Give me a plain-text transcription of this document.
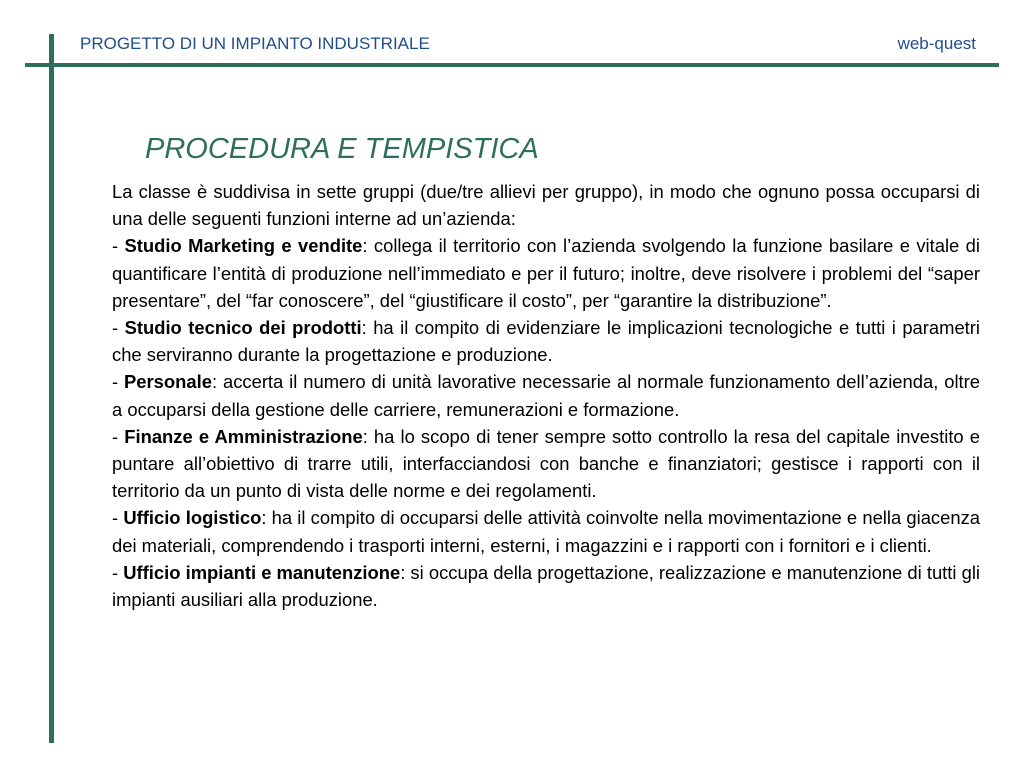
PROGETTO DI UN IMPIANTO INDUSTRIALE	web-quest
PROCEDURA E TEMPISTICA

La classe è suddivisa in sette gruppi (due/tre allievi per gruppo), in modo che ognuno possa occuparsi di una delle seguenti funzioni interne ad un’azienda:

- Studio Marketing e vendite: collega il territorio con l’azienda svolgendo la funzione basilare e vitale di quantificare l’entità di produzione nell’immediato e per il futuro; inoltre, deve risolvere i problemi del “saper presentare”, del “far conoscere”, del “giustificare il costo”, per “garantire la distribuzione”.

- Studio tecnico dei prodotti: ha il compito di evidenziare le implicazioni tecnologiche e tutti i parametri che serviranno durante la progettazione e produzione.

- Personale: accerta il numero di unità lavorative necessarie al normale funzionamento dell’azienda, oltre a occuparsi della gestione delle carriere, remunerazioni e formazione.

- Finanze e Amministrazione: ha lo scopo di tener sempre sotto controllo la resa del capitale investito e puntare all’obiettivo di trarre utili, interfacciandosi con banche e finanziatori; gestisce i rapporti con il territorio da un punto di vista delle norme e dei regolamenti.

- Ufficio logistico: ha il compito di occuparsi delle attività coinvolte nella movimentazione e nella giacenza dei materiali, comprendendo i trasporti interni, esterni, i magazzini e i rapporti con i fornitori e i clienti.

- Ufficio impianti e manutenzione: si occupa della progettazione, realizzazione e manutenzione di tutti gli impianti ausiliari alla produzione.
